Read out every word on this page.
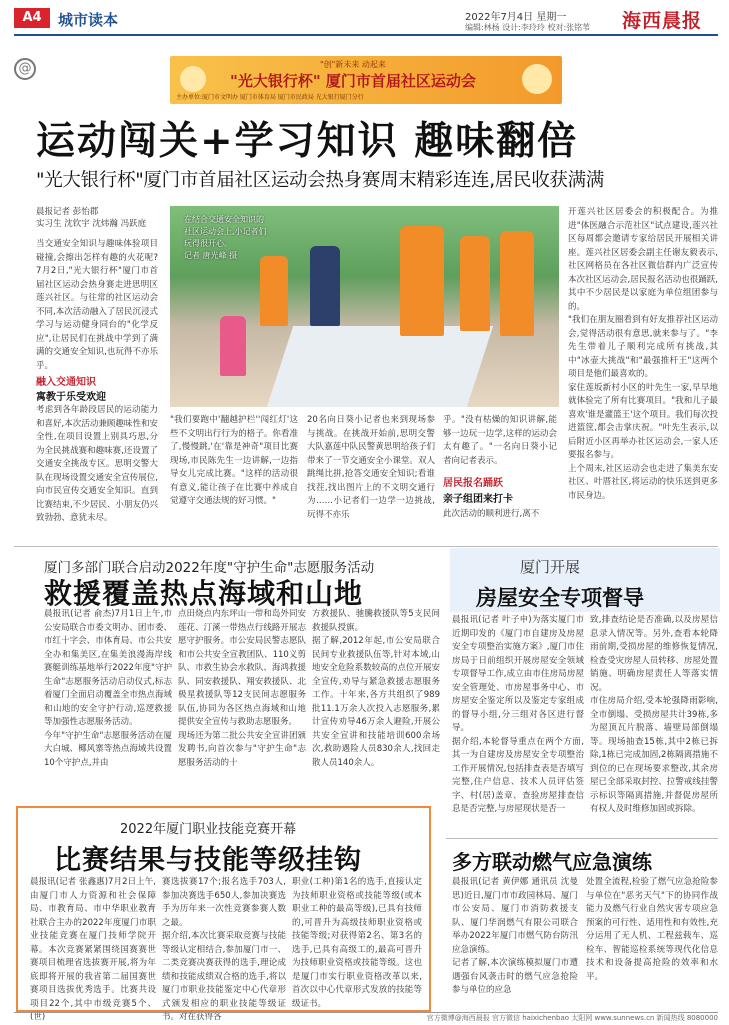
A4	城市读本	2022年7月4日 星期一
编辑:林杨 设计:李玲玲 校对:张铭苇 海西晨报
@	"创"新未来 动起来
"光大银行杯" 厦门市首届社区运动会
主办单位:厦门市文明办 厦门市体育局 厦门市民政局 光大银行厦门分行
运动闯关+学习知识 趣味翻倍
"光大银行杯"厦门市首届社区运动会热身赛周末精彩连连,居民收获满满
晨报记者 彭怡郡
实习生 沈钦宇 沈炜瀚 冯跃庭
当交通安全知识与趣味体验项目碰撞,会擦出怎样有趣的火花呢?7月2日,"光大银行杯"厦门市首届社区运动会热身赛走进思明区莲兴社区。与往常的社区运动会不同,本次活动融入了居民沉浸式学习与运动健身同台的"化学反应",让居民们在挑战中学到了满满的交通安全知识,也玩得不亦乐乎。
融入交通知识
寓教于乐受欢迎
考虑到各年龄段居民的运动能力和喜好,本次活动兼顾趣味性和安全性,在项目设置上别具巧思,分为全民挑战赛和趣味赛,还设置了交通安全挑战专区。思明交警大队在现场设置交通安全宣传展位,向市民宣传交通安全知识。直到比赛结束,不少居民、小朋友仍兴致勃勃、意犹未尽。
在结合交通安全知识的社区运动会上,小记者们玩得很开心。
记者 唐光峰 摄
"我们要跑中'翻越护栏''闯红灯'这些不文明出行行为的格子。你看准了,慢慢跳,'在'靠是神奇"项目比赛现场,市民陈先生一边讲解,一边指导女儿完成比赛。"这样的活动很有意义,能让孩子在比赛中养成自觉遵守交通法规的好习惯。"
20名向日葵小记者也来到现场参与挑战。在挑战开始前,思明交警大队嘉莲中队民警黄思明给孩子们带来了一节交通安全小课堂。双人跳绳比拼,抢答交通安全知识;看谁找茬,找出图片上的不文明交通行为……小记者们一边学一边挑战,玩得不亦乐
乎。"没有枯燥的知识讲解,能够一边玩一边学,这样的运动会太有趣了。"一名向日葵小记者向记者表示。
居民报名踊跃
亲子组团来打卡
此次活动的顺利进行,离不

开莲兴社区居委会的积极配合。为推进"体医融合示范社区"试点建设,莲兴社区每周都会邀请专家给居民开展相关讲座。莲兴社区居委会副主任谢友毅表示,社区网格员在各社区微信群内广泛宣传本次社区运动会,居民报名活动也很踊跃,其中不少居民是以家庭为单位组团参与的。

"我们在朋友圈看到有好友推荐社区运动会,觉得活动很有意思,就来参与了。"李先生带着儿子顺利完成所有挑战,其中"冰壶大挑战"和"最强推杆王"这两个项目是他们最喜欢的。

家住莲坂新村小区的叶先生一家,早早地就体验完了所有比赛项目。"我和儿子最喜欢'谁是灌篮王'这个项目。我们每次投进篮筐,都会击掌庆祝。"叶先生表示,以后附近小区再举办社区运动会,一家人还要报名参与。

上个周末,社区运动会也走进了集美东安社区、叶厝社区,将运动的快乐送到更多市民身边。

厦门多部门联合启动2022年度"守护生命"志愿服务活动
救援覆盖热点海域和山地
晨报讯(记者 俞杰)7月1日上午,市公安局联合市委文明办、团市委、市红十字会、市体育局、市公共安全办和集美区,在集美浪漫海岸线赛艇训练基地举行2022年度"守护生命"志愿服务活动启动仪式,标志着厦门全面启动覆盖全市热点海域和山地的安全守护行动,巡逻救援等加强性志愿服务活动。
今年"守护生命"志愿服务活动在厦大白城、椰风寨等热点海域共设置10个守护点,并由
点田烧点内东坪山一带和岛外同安莲花、汀溪一带热点行线路开展志愿守护服务。市公安局民警志愿队和市公共安全宣教团队、110义剪队、市救生协会水救队、海鸿救援队、同安救援队、翔安救援队、北极星救援队等12支民间志愿服务队伍,协同为各区热点海域和山地提供安全宣传与救助志愿服务。
现场还为第二批公共安全宣讲团颁发聘书,向首次参与"守护生命"志愿服务活动的十
方救援队、驰騰救援队等5支民间救援队授旗。
据了解,2012年起,市公安局联合民间专业救援队伍等,针对本域,山地安全危险系数较高的点位开展安全宣传,劝导与紧急救援志愿服务工作。十年来,各方共组织了989批11.1万余人次投入志愿服务,累计宣传劝导46万余人避险,开展公共安全宣讲和技能培训600余场次,救助遇险人员830余人,找回走散人员140余人。
厦门开展
房屋安全专项督导
晨报讯(记者 叶子申)为落实厦门市近期印发的《厦门市自建房及房屋安全专项整治实施方案》,厦门市住房局于日前组织开展房屋安全领域专项督导工作,成立由市住房局房屋安全管理处、市房屋事务中心、市房屋安全鉴定所以及鉴定专家组成的督导小组,分三组对各区进行督导。
据介绍,本轮督导重点在两个方面,其一为自建房及房屋安全专项整治工作开展情况,包括排查表是否填写完整,住户信息、技术人员评估签字、村(居)盖章、查验房屋排查信息是否完整,与房屋现状是否一
致,排查结论是否准确,以及房屋信息录入情况等。另外,查看本轮降雨前期,受损房屋的维修恢复情况,检查受灾房屋人员转移、房屋处置销施、明确房屋责任人等落实情况。
市住房局介绍,受本轮强降雨影响,全市倒塌、受损房屋共计39栋,多为屋顶瓦片脱落、墙壁局部倒塌等。现场抽查15栋,其中2栋已拆除,1栋已完成加固,2栋隔离措施不到位的已在现场要求整改,其余房屋已全部采取封控、拉警戒线挂警示标识等隔离措施,并督促房屋所有权人及时维修加固或拆除。
2022年厦门职业技能竞赛开幕
比赛结果与技能等级挂钩
晨报讯(记者 张鑫惠)7月2日上午,由厦门市人力资源和社会保障局、市教育局、市中华职业教育社联合主办的2022年度厦门市职业技能竞赛在厦门技师学院开幕。本次竞赛紧紧围绕国赛赛世赛项目梳理省选拔赛开展,将为年底即将开展的我省第二届国赛世赛项目选拔优秀选手。比赛共设项目22个,其中市级竞赛5个、(世)
赛选拔赛17个;报名选手703人,参加决赛选手650人,参加决赛选手为历年来一次性竞赛参赛人数之最。
据介绍,本次比赛采取竞赛与技能等级认定相结合,参加厦门市一、二类竞赛决赛获得的选手,理论成绩和技能成绩双合格的选手,将以厦门市职业技能鉴定中心代章形式颁发相应的职业技能等级证书。对在获得各
职业(工种)第1名的选手,直接认定为技师职业资格或技能等级(或本职业工种的最高等级),已具有技师的,可晋升为高级技师职业资格或技能等级;对获得第2名、第3名的选手,已具有高级工的,最高可晋升为技师职业资格或技能等级。这也是厦门市实行职业资格改革以来,首次以中心代章形式发放的技能等级证书。
多方联动燃气应急演练
晨报讯(记者 黄伊娜 通讯员 沈曼思)近日,厦门市市政园林局、厦门市公安局、厦门市消防救援支队、厦门华润燃气有限公司联合举办2022年厦门市燃气防台防汛应急演练。
记者了解,本次演练模拟厦门市遭遇强台风袭击时的燃气应急抢险参与单位的应急
处置全流程,检验了燃气应急抢险参与单位在"恶劣天气"下的协同作战能力及燃气行业自然灾害专项应急预案的可行性、适用性和有效性,充分运用了无人机、工程兹载车、巡检车、智能巡检系统等现代化信息技术和设备提高抢险的效率和水平。
官方微博@海西晨报 官方微信 haixichenbao 太阳网 www.sunnews.cn 新闻热线 8080000
